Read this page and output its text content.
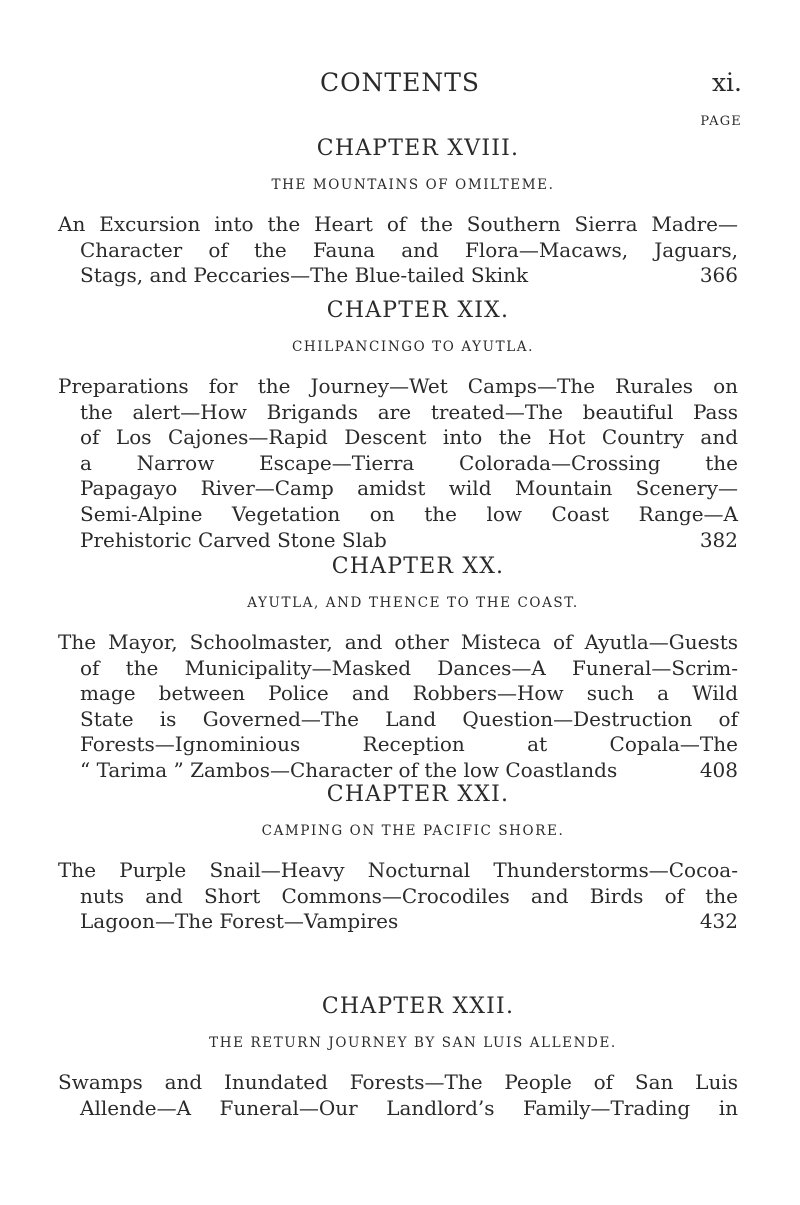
CONTENTS	xi.
PAGE
CHAPTER XVIII.
THE MOUNTAINS OF OMILTEME.
An Excursion into the Heart of the Southern Sierra Madre—
Character of the Fauna and Flora—Macaws, Jaguars,
Stags, and Peccaries—The Blue-tailed Skink	366
CHAPTER XIX.
CHILPANCINGO TO AYUTLA.
Preparations for the Journey—Wet Camps—The Rurales on
the alert—How Brigands are treated—The beautiful Pass
of Los Cajones—Rapid Descent into the Hot Country and
a Narrow Escape—Tierra Colorada—Crossing the
Papagayo River—Camp amidst wild Mountain Scenery—
Semi-Alpine Vegetation on the low Coast Range—A
Prehistoric Carved Stone Slab	382
CHAPTER XX.
AYUTLA, AND THENCE TO THE COAST.
The Mayor, Schoolmaster, and other Misteca of Ayutla—Guests
of the Municipality—Masked Dances—A Funeral—Scrim-
mage between Police and Robbers—How such a Wild
State is Governed—The Land Question—Destruction of
Forests—Ignominious Reception at Copala—The
“ Tarima ” Zambos—Character of the low Coastlands	408
CHAPTER XXI.
CAMPING ON THE PACIFIC SHORE.
The Purple Snail—Heavy Nocturnal Thunderstorms—Cocoa-
nuts and Short Commons—Crocodiles and Birds of the
Lagoon—The Forest—Vampires	432
CHAPTER XXII.
THE RETURN JOURNEY BY SAN LUIS ALLENDE.
Swamps and Inundated Forests—The People of San Luis
Allende—A Funeral—Our Landlord’s Family—Trading in
